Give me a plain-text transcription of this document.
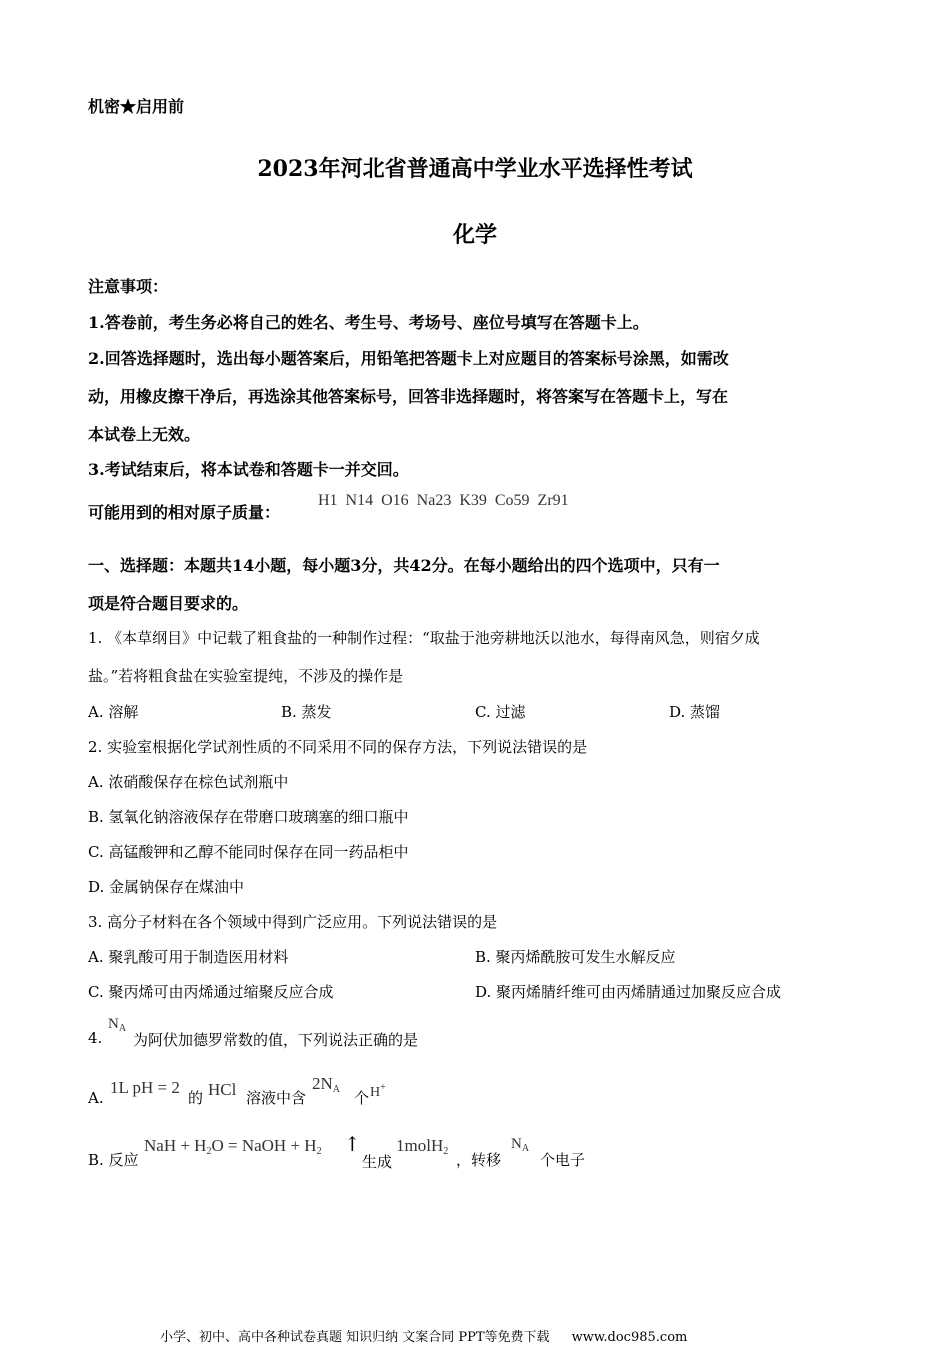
机密★启用前
2023年河北省普通高中学业水平选择性考试
化学
注意事项：
1.答卷前，考生务必将自己的姓名、考生号、考场号、座位号填写在答题卡上。
2.回答选择题时，选出每小题答案后，用铅笔把答题卡上对应题目的答案标号涂黑，如需改
动，用橡皮擦干净后，再选涂其他答案标号，回答非选择题时，将答案写在答题卡上，写在
本试卷上无效。
3.考试结束后，将本试卷和答题卡一并交回。
可能用到的相对原子质量：
H1 N14 O16 Na23 K39 Co59 Zr91
一、选择题：本题共14小题，每小题3分，共42分。在每小题给出的四个选项中，只有一
项是符合题目要求的。
1. 《本草纲目》中记载了粗食盐的一种制作过程：“取盐于池旁耕地沃以池水，每得南风急，则宿夕成
盐。”若将粗食盐在实验室提纯，不涉及的操作是
A. 溶解	B. 蒸发	C. 过滤	D. 蒸馏
2. 实验室根据化学试剂性质的不同采用不同的保存方法，下列说法错误的是
A. 浓硝酸保存在棕色试剂瓶中
B. 氢氧化钠溶液保存在带磨口玻璃塞的细口瓶中
C. 高锰酸钾和乙醇不能同时保存在同一药品柜中
D. 金属钠保存在煤油中
3. 高分子材料在各个领域中得到广泛应用。下列说法错误的是
A. 聚乳酸可用于制造医用材料	B. 聚丙烯酰胺可发生水解反应
C. 聚丙烯可由丙烯通过缩聚反应合成	D. 聚丙烯腈纤维可由丙烯腈通过加聚反应合成
4.
$N_A$
为阿伏加德罗常数的值，下列说法正确的是
A.
1L pH = 2
的 HCl 溶液中含
$2N_A$ 个 H+
B. 反应
NaH + $H_2O$ = NaOH + $H_2$ ↑
生成
1molH$_2$ ，转移
$N_A$
个电子
小学、初中、高中各种试卷真题 知识归纳 文案合同 PPT等免费下载 www.doc985.com
